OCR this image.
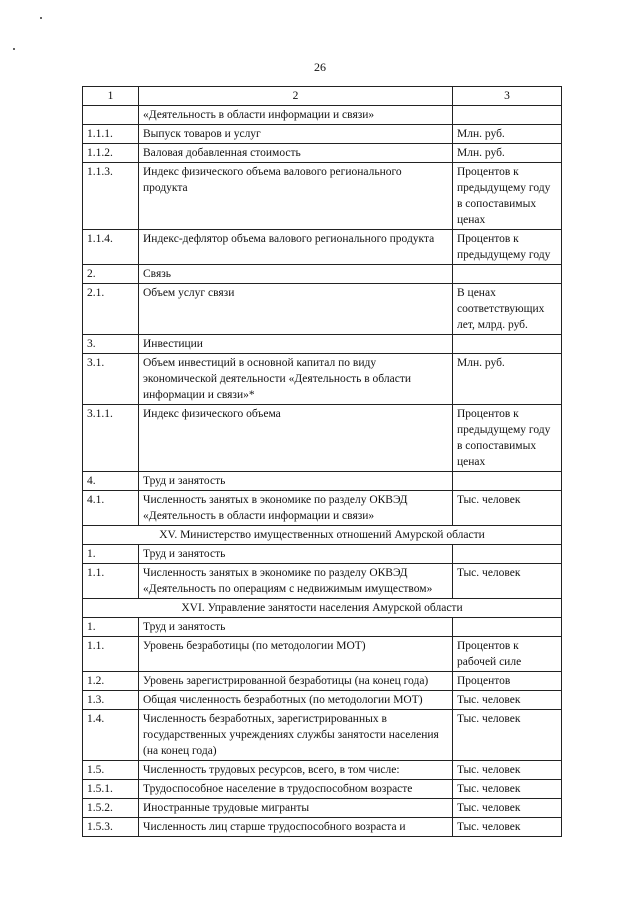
26
1	2	3
	«Деятельность в области информации и связи»	
1.1.1.	Выпуск товаров и услуг	Млн. руб.
1.1.2.	Валовая добавленная стоимость	Млн. руб.
1.1.3.	Индекс физического объема валового регионального продукта	Процентов к предыдущему году в сопоставимых ценах
1.1.4.	Индекс-дефлятор объема валового регионального продукта	Процентов к предыдущему году
2.	Связь	
2.1.	Объем услуг связи	В ценах соответствующих лет, млрд. руб.
3.	Инвестиции	
3.1.	Объем инвестиций в основной капитал по виду экономической деятельности «Деятельность в области информации и связи»*	Млн. руб.
3.1.1.	Индекс физического объема	Процентов к предыдущему году в сопоставимых ценах
4.	Труд и занятость	
4.1.	Численность занятых в экономике по разделу ОКВЭД «Деятельность в области информации и связи»	Тыс. человек
XV. Министерство имущественных отношений Амурской области		
1.	Труд и занятость	
1.1.	Численность занятых в экономике по разделу ОКВЭД «Деятельность по операциям с недвижимым имуществом»	Тыс. человек
XVI. Управление занятости населения Амурской области		
1.	Труд и занятость	
1.1.	Уровень безработицы (по методологии МОТ)	Процентов к рабочей силе
1.2.	Уровень зарегистрированной безработицы (на конец года)	Процентов
1.3.	Общая численность безработных (по методологии МОТ)	Тыс. человек
1.4.	Численность безработных, зарегистрированных в государственных учреждениях службы занятости населения (на конец года)	Тыс. человек
1.5.	Численность трудовых ресурсов, всего, в том числе:	Тыс. человек
1.5.1.	Трудоспособное население в трудоспособном возрасте	Тыс. человек
1.5.2.	Иностранные трудовые мигранты	Тыс. человек
1.5.3.	Численность лиц старше трудоспособного возраста и	Тыс. человек
